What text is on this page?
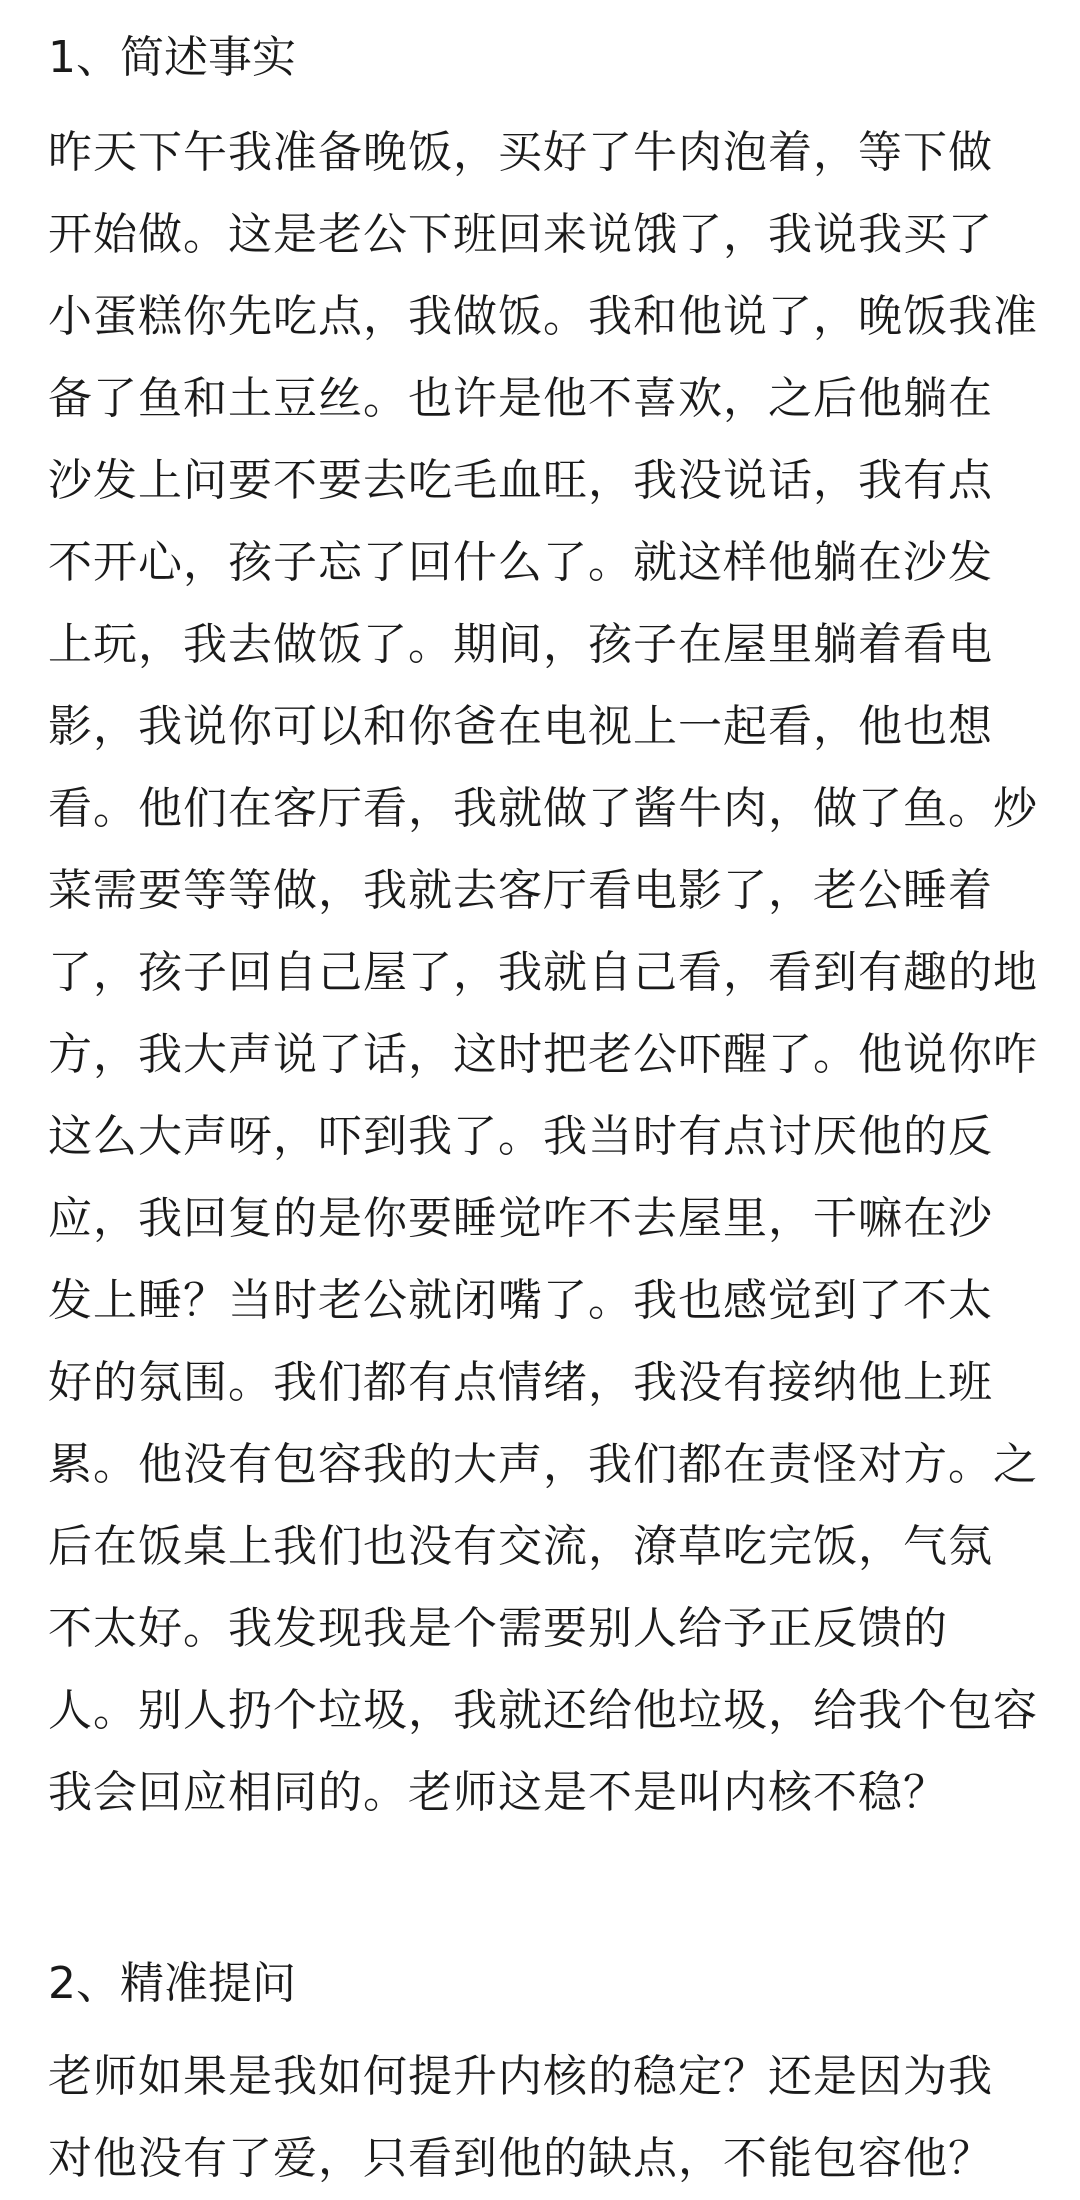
1、简述事实
昨天下午我准备晚饭，买好了牛肉泡着，等下做
开始做。这是老公下班回来说饿了，我说我买了
小蛋糕你先吃点，我做饭。我和他说了，晚饭我准
备了鱼和土豆丝。也许是他不喜欢，之后他躺在
沙发上问要不要去吃毛血旺，我没说话，我有点
不开心，孩子忘了回什么了。就这样他躺在沙发
上玩，我去做饭了。期间，孩子在屋里躺着看电
影，我说你可以和你爸在电视上一起看，他也想
看。他们在客厅看，我就做了酱牛肉，做了鱼。炒
菜需要等等做，我就去客厅看电影了，老公睡着
了，孩子回自己屋了，我就自己看，看到有趣的地
方，我大声说了话，这时把老公吓醒了。他说你咋
这么大声呀，吓到我了。我当时有点讨厌他的反
应，我回复的是你要睡觉咋不去屋里，干嘛在沙
发上睡？当时老公就闭嘴了。我也感觉到了不太
好的氛围。我们都有点情绪，我没有接纳他上班
累。他没有包容我的大声，我们都在责怪对方。之
后在饭桌上我们也没有交流，潦草吃完饭，气氛
不太好。我发现我是个需要别人给予正反馈的
人。别人扔个垃圾，我就还给他垃圾，给我个包容
我会回应相同的。老师这是不是叫内核不稳？
2、精准提问
老师如果是我如何提升内核的稳定？还是因为我
对他没有了爱，只看到他的缺点，不能包容他？
